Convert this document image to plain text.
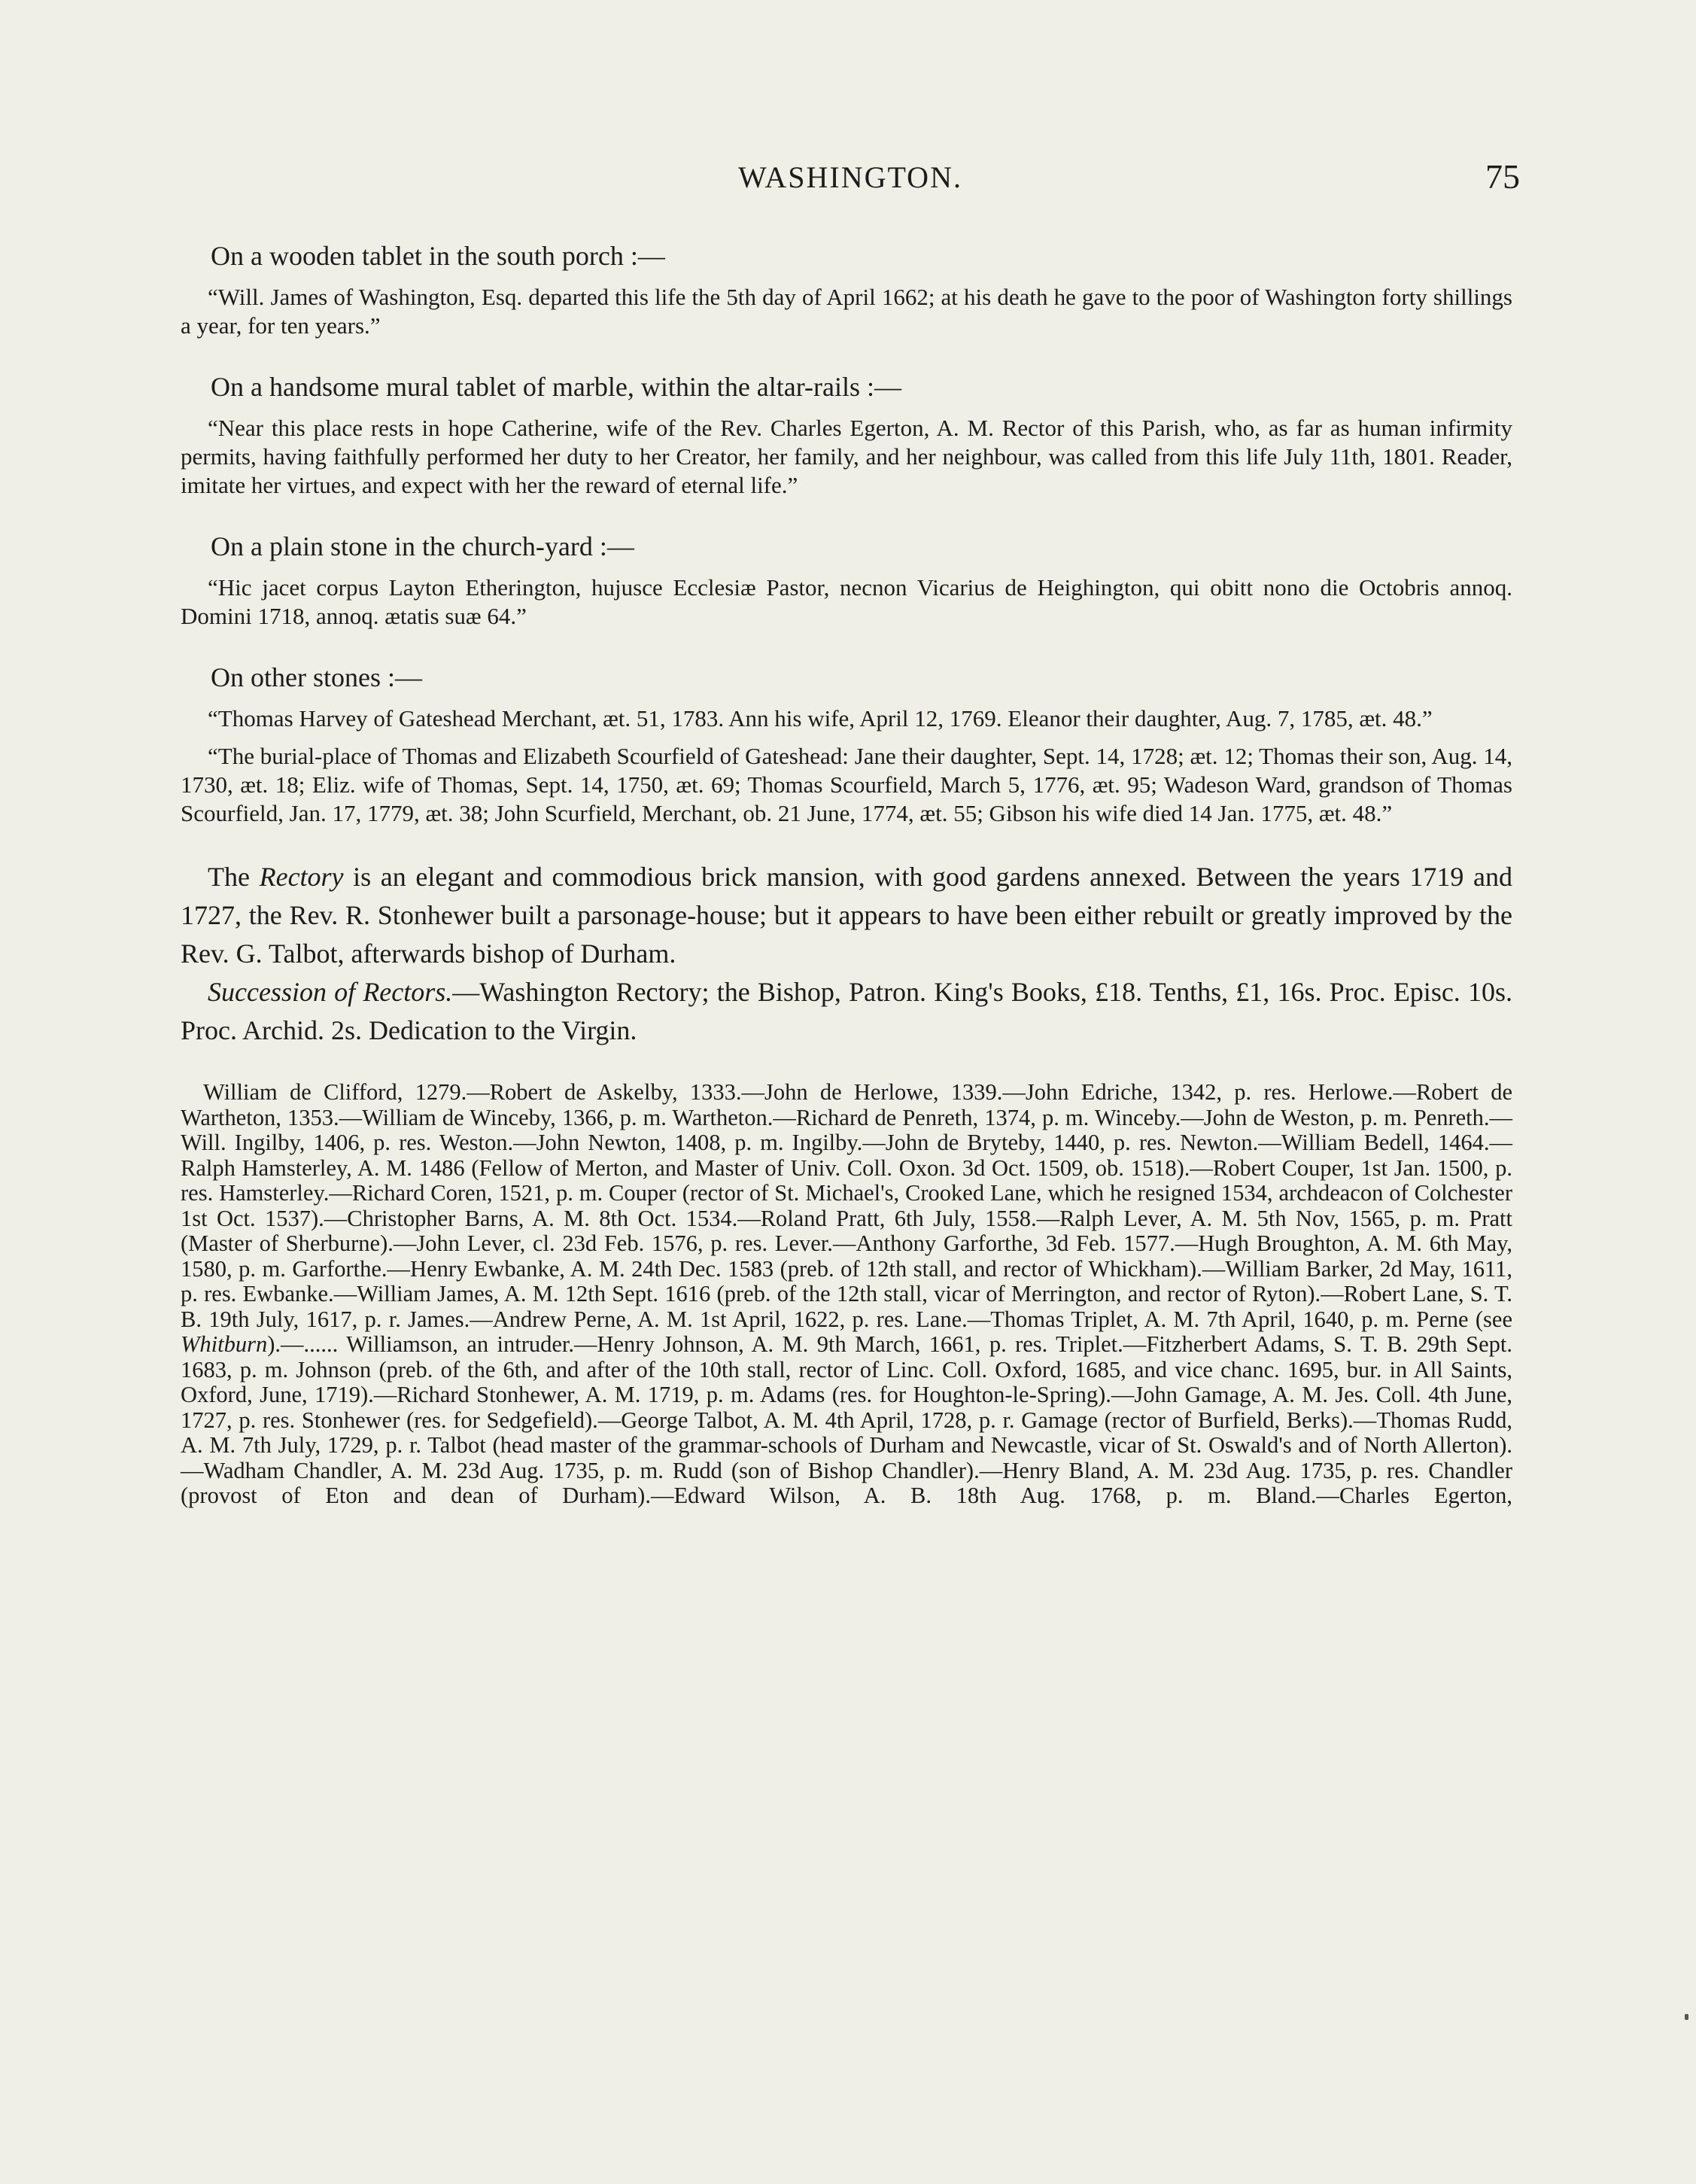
WASHINGTON.	75

On a wooden tablet in the south porch :—

“Will. James of Washington, Esq. departed this life the 5th day of April 1662; at his death he gave to the poor of Washington forty shillings a year, for ten years.”

On a handsome mural tablet of marble, within the altar-rails :—

“Near this place rests in hope Catherine, wife of the Rev. Charles Egerton, A. M. Rector of this Parish, who, as far as human infirmity permits, having faithfully performed her duty to her Creator, her family, and her neighbour, was called from this life July 11th, 1801. Reader, imitate her virtues, and expect with her the reward of eternal life.”

On a plain stone in the church-yard :—

“Hic jacet corpus Layton Etherington, hujusce Ecclesiæ Pastor, necnon Vicarius de Heighington, qui obitt nono die Octobris annoq. Domini 1718, annoq. ætatis suæ 64.”

On other stones :—

“Thomas Harvey of Gateshead Merchant, æt. 51, 1783. Ann his wife, April 12, 1769. Eleanor their daughter, Aug. 7, 1785, æt. 48.”

“The burial-place of Thomas and Elizabeth Scourfield of Gateshead: Jane their daughter, Sept. 14, 1728; æt. 12; Thomas their son, Aug. 14, 1730, æt. 18; Eliz. wife of Thomas, Sept. 14, 1750, æt. 69; Thomas Scourfield, March 5, 1776, æt. 95; Wadeson Ward, grandson of Thomas Scourfield, Jan. 17, 1779, æt. 38; John Scurfield, Merchant, ob. 21 June, 1774, æt. 55; Gibson his wife died 14 Jan. 1775, æt. 48.”

The Rectory is an elegant and commodious brick mansion, with good gardens annexed. Between the years 1719 and 1727, the Rev. R. Stonhewer built a parsonage-house; but it appears to have been either rebuilt or greatly improved by the Rev. G. Talbot, afterwards bishop of Durham.

Succession of Rectors.—Washington Rectory; the Bishop, Patron. King's Books, £18. Tenths, £1, 16s. Proc. Episc. 10s. Proc. Archid. 2s. Dedication to the Virgin.

William de Clifford, 1279.—Robert de Askelby, 1333.—John de Herlowe, 1339.—John Edriche, 1342, p. res. Herlowe.—Robert de Wartheton, 1353.—William de Winceby, 1366, p. m. Wartheton.—Richard de Penreth, 1374, p. m. Winceby.—John de Weston, p. m. Penreth.—Will. Ingilby, 1406, p. res. Weston.—John Newton, 1408, p. m. Ingilby.—John de Bryteby, 1440, p. res. Newton.—William Bedell, 1464.—Ralph Hamsterley, A. M. 1486 (Fellow of Merton, and Master of Univ. Coll. Oxon. 3d Oct. 1509, ob. 1518).—Robert Couper, 1st Jan. 1500, p. res. Hamsterley.—Richard Coren, 1521, p. m. Couper (rector of St. Michael's, Crooked Lane, which he resigned 1534, archdeacon of Colchester 1st Oct. 1537).—Christopher Barns, A. M. 8th Oct. 1534.—Roland Pratt, 6th July, 1558.—Ralph Lever, A. M. 5th Nov, 1565, p. m. Pratt (Master of Sherburne).—John Lever, cl. 23d Feb. 1576, p. res. Lever.—Anthony Garforthe, 3d Feb. 1577.—Hugh Broughton, A. M. 6th May, 1580, p. m. Garforthe.—Henry Ewbanke, A. M. 24th Dec. 1583 (preb. of 12th stall, and rector of Whickham).—William Barker, 2d May, 1611, p. res. Ewbanke.—William James, A. M. 12th Sept. 1616 (preb. of the 12th stall, vicar of Merrington, and rector of Ryton).—Robert Lane, S. T. B. 19th July, 1617, p. r. James.—Andrew Perne, A. M. 1st April, 1622, p. res. Lane.—Thomas Triplet, A. M. 7th April, 1640, p. m. Perne (see Whitburn).—...... Williamson, an intruder.—Henry Johnson, A. M. 9th March, 1661, p. res. Triplet.—Fitzherbert Adams, S. T. B. 29th Sept. 1683, p. m. Johnson (preb. of the 6th, and after of the 10th stall, rector of Linc. Coll. Oxford, 1685, and vice chanc. 1695, bur. in All Saints, Oxford, June, 1719).—Richard Stonhewer, A. M. 1719, p. m. Adams (res. for Houghton-le-Spring).—John Gamage, A. M. Jes. Coll. 4th June, 1727, p. res. Stonhewer (res. for Sedgefield).—George Talbot, A. M. 4th April, 1728, p. r. Gamage (rector of Burfield, Berks).—Thomas Rudd, A. M. 7th July, 1729, p. r. Talbot (head master of the grammar-schools of Durham and Newcastle, vicar of St. Oswald's and of North Allerton).—Wadham Chandler, A. M. 23d Aug. 1735, p. m. Rudd (son of Bishop Chandler).—Henry Bland, A. M. 23d Aug. 1735, p. res. Chandler (provost of Eton and dean of Durham).—Edward Wilson, A. B. 18th Aug. 1768, p. m. Bland.—Charles Egerton,
